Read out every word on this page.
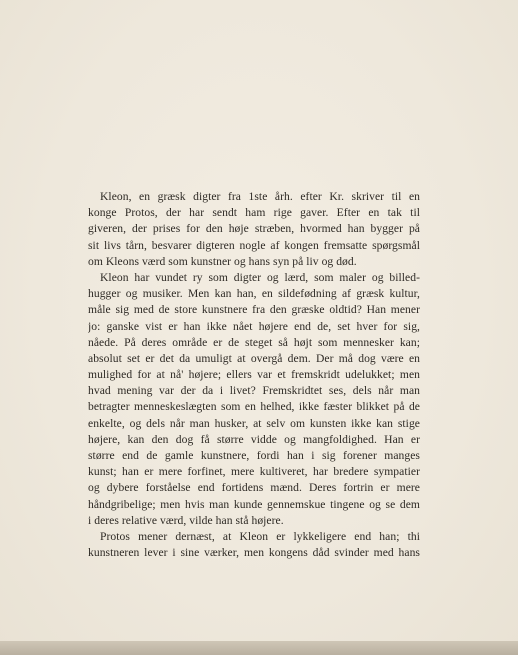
Kleon, en græsk digter fra 1ste årh. efter Kr. skriver til en
konge Protos, der har sendt ham rige gaver. Efter en tak til
giveren, der prises for den høje stræben, hvormed han bygger på
sit livs tårn, besvarer digteren nogle af kongen fremsatte spørgsmål
om Kleons værd som kunstner og hans syn på liv og død.
Kleon har vundet ry som digter og lærd, som maler og billed-
hugger og musiker. Men kan han, en sildefødning af græsk kultur,
måle sig med de store kunstnere fra den græske oldtid? Han mener
jo: ganske vist er han ikke nået højere end de, set hver for sig,
nåede. På deres område er de steget så højt som mennesker kan;
absolut set er det da umuligt at overgå dem. Der må dog være en
mulighed for at nå' højere; ellers var et fremskridt udelukket; men
hvad mening var der da i livet? Fremskridtet ses, dels når man
betragter menneskeslægten som en helhed, ikke fæster blikket på de
enkelte, og dels når man husker, at selv om kunsten ikke kan stige
højere, kan den dog få større vidde og mangfoldighed. Han er
større end de gamle kunstnere, fordi han i sig forener manges
kunst; han er mere forfinet, mere kultiveret, har bredere sympatier
og dybere forståelse end fortidens mænd. Deres fortrin er mere
håndgribelige; men hvis man kunde gennemskue tingene og se dem
i deres relative værd, vilde han stå højere.
Protos mener dernæst, at Kleon er lykkeligere end han; thi
kunstneren lever i sine værker, men kongens dåd svinder med hans
